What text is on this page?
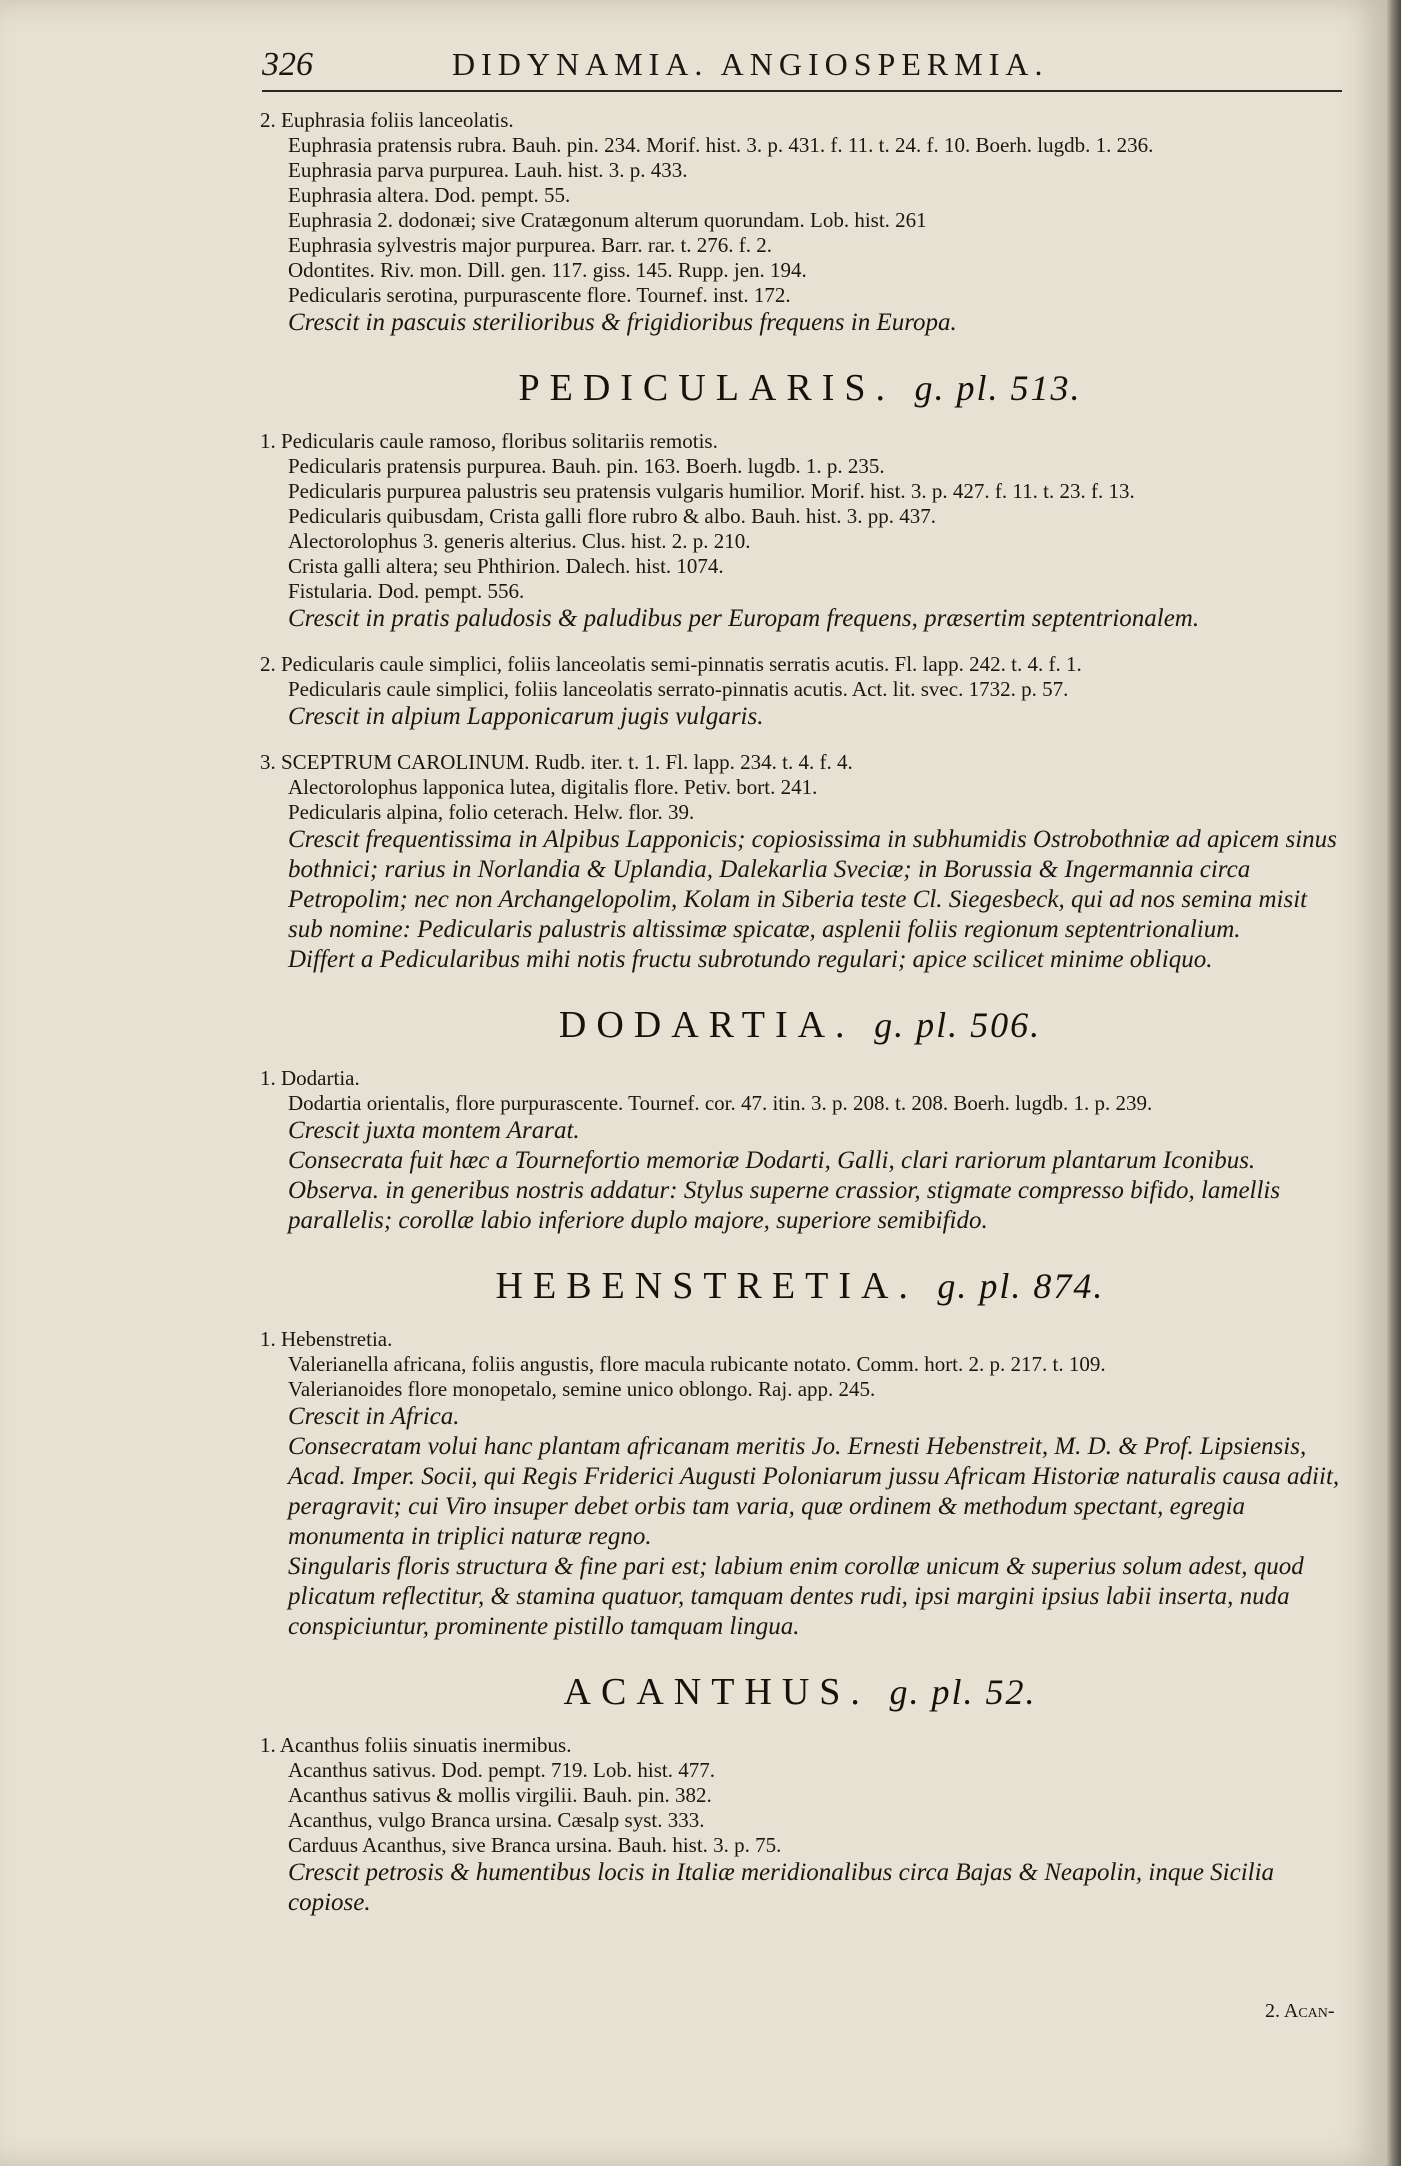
326	DIDYNAMIA. ANGIOSPERMIA.
2. Euphrasia foliis lanceolatis.
Euphrasia pratensis rubra. Bauh. pin. 234. Morif. hist. 3. p. 431. f. 11. t. 24. f. 10. Boerh. lugdb. 1. 236.
Euphrasia parva purpurea. Lauh. hist. 3. p. 433.
Euphrasia altera. Dod. pempt. 55.
Euphrasia 2. dodonæi; sive Cratægonum alterum quorundam. Lob. hist. 261
Euphrasia sylvestris major purpurea. Barr. rar. t. 276. f. 2.
Odontites. Riv. mon. Dill. gen. 117. giss. 145. Rupp. jen. 194.
Pedicularis serotina, purpurascente flore. Tournef. inst. 172.
Crescit in pascuis sterilioribus & frigidioribus frequens in Europa.
PEDICULARIS. g. pl. 513.
1. Pedicularis caule ramoso, floribus solitariis remotis.
Pedicularis pratensis purpurea. Bauh. pin. 163. Boerh. lugdb. 1. p. 235.
Pedicularis purpurea palustris seu pratensis vulgaris humilior. Morif. hist. 3. p. 427. f. 11. t. 23. f. 13.
Pedicularis quibusdam, Crista galli flore rubro & albo. Bauh. hist. 3. pp. 437.
Alectorolophus 3. generis alterius. Clus. hist. 2. p. 210.
Crista galli altera; seu Phthirion. Dalech. hist. 1074.
Fistularia. Dod. pempt. 556.
Crescit in pratis paludosis & paludibus per Europam frequens, præsertim septentrionalem.
2. Pedicularis caule simplici, foliis lanceolatis semi-pinnatis serratis acutis. Fl. lapp. 242. t. 4. f. 1.
Pedicularis caule simplici, foliis lanceolatis serrato-pinnatis acutis. Act. lit. svec. 1732. p. 57.
Crescit in alpium Lapponicarum jugis vulgaris.
3. SCEPTRUM CAROLINUM. Rudb. iter. t. 1. Fl. lapp. 234. t. 4. f. 4.
Alectorolophus lapponica lutea, digitalis flore. Petiv. bort. 241.
Pedicularis alpina, folio ceterach. Helw. flor. 39.
Crescit frequentissima in Alpibus Lapponicis; copiosissima in subhumidis Ostrobothniæ ad apicem sinus bothnici; rarius in Norlandia & Uplandia, Dalekarlia Sveciæ; in Borussia & Ingermannia circa Petropolim; nec non Archangelopolim, Kolam in Siberia teste Cl. Siegesbeck, qui ad nos semina misit sub nomine: Pedicularis palustris altissimæ spicatæ, asplenii foliis regionum septentrionalium.
Differt a Pedicularibus mihi notis fructu subrotundo regulari; apice scilicet minime obliquo.
DODARTIA. g. pl. 506.
1. Dodartia.
Dodartia orientalis, flore purpurascente. Tournef. cor. 47. itin. 3. p. 208. t. 208. Boerh. lugdb. 1. p. 239.
Crescit juxta montem Ararat.
Consecrata fuit hæc a Tournefortio memoriæ Dodarti, Galli, clari rariorum plantarum Iconibus.
Observa. in generibus nostris addatur: Stylus superne crassior, stigmate compresso bifido, lamellis parallelis; corollæ labio inferiore duplo majore, superiore semibifido.
HEBENSTRETIA. g. pl. 874.
1. Hebenstretia.
Valerianella africana, foliis angustis, flore macula rubicante notato. Comm. hort. 2. p. 217. t. 109.
Valerianoides flore monopetalo, semine unico oblongo. Raj. app. 245.
Crescit in Africa.
Consecratam volui hanc plantam africanam meritis Jo. Ernesti Hebenstreit, M. D. & Prof. Lipsiensis, Acad. Imper. Socii, qui Regis Friderici Augusti Poloniarum jussu Africam Historiæ naturalis causa adiit, peragravit; cui Viro insuper debet orbis tam varia, quæ ordinem & methodum spectant, egregia monumenta in triplici naturæ regno.
Singularis floris structura & fine pari est; labium enim corollæ unicum & superius solum adest, quod plicatum reflectitur, & stamina quatuor, tamquam dentes rudi, ipsi margini ipsius labii inserta, nuda conspiciuntur, prominente pistillo tamquam lingua.
ACANTHUS. g. pl. 52.
1. Acanthus foliis sinuatis inermibus.
Acanthus sativus. Dod. pempt. 719. Lob. hist. 477.
Acanthus sativus & mollis virgilii. Bauh. pin. 382.
Acanthus, vulgo Branca ursina. Cæsalp syst. 333.
Carduus Acanthus, sive Branca ursina. Bauh. hist. 3. p. 75.
Crescit petrosis & humentibus locis in Italiæ meridionalibus circa Bajas & Neapolin, inque Sicilia copiose.
2. Acan-
